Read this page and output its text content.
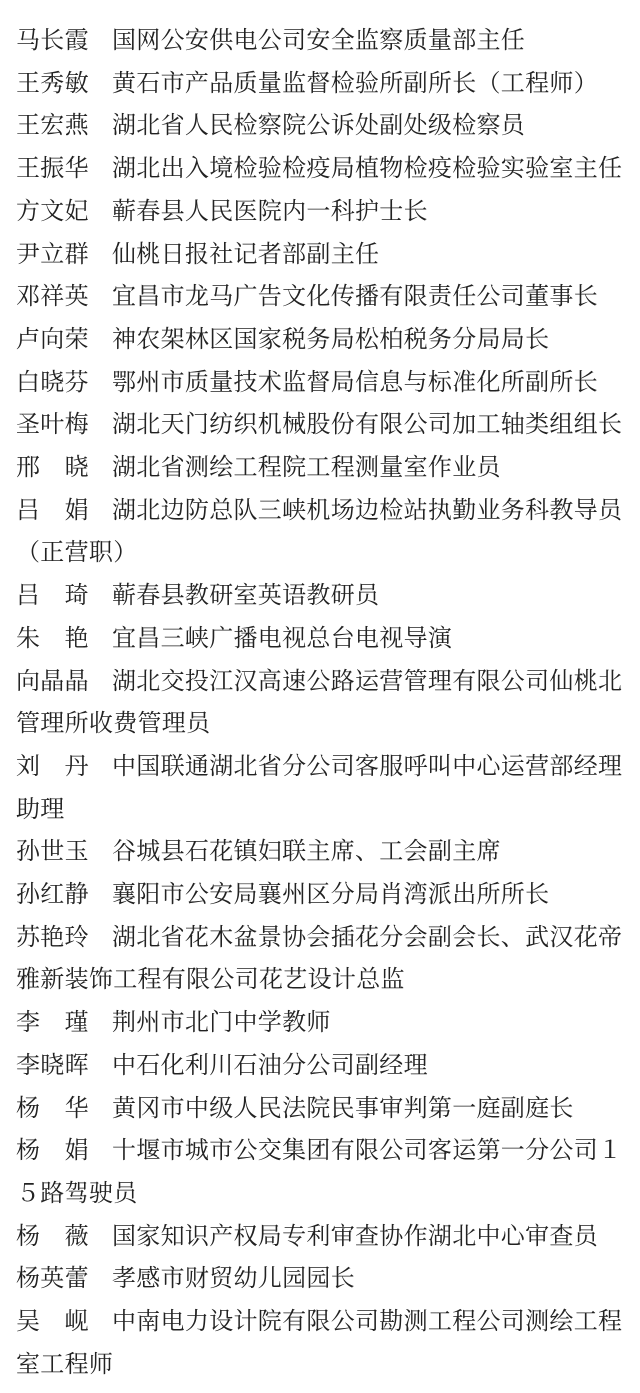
马长霞 国网公安供电公司安全监察质量部主任
王秀敏 黄石市产品质量监督检验所副所长（工程师）
王宏燕 湖北省人民检察院公诉处副处级检察员
王振华 湖北出入境检验检疫局植物检疫检验实验室主任
方文妃 蕲春县人民医院内一科护士长
尹立群 仙桃日报社记者部副主任
邓祥英 宜昌市龙马广告文化传播有限责任公司董事长
卢向荣 神农架林区国家税务局松柏税务分局局长
白晓芬 鄂州市质量技术监督局信息与标准化所副所长
圣叶梅 湖北天门纺织机械股份有限公司加工轴类组组长
邢　晓 湖北省测绘工程院工程测量室作业员
吕　娟 湖北边防总队三峡机场边检站执勤业务科教导员（正营职）
吕　琦 蕲春县教研室英语教研员
朱　艳 宜昌三峡广播电视总台电视导演
向晶晶 湖北交投江汉高速公路运营管理有限公司仙桃北管理所收费管理员
刘　丹 中国联通湖北省分公司客服呼叫中心运营部经理助理
孙世玉 谷城县石花镇妇联主席、工会副主席
孙红静 襄阳市公安局襄州区分局肖湾派出所所长
苏艳玲 湖北省花木盆景协会插花分会副会长、武汉花帝雅新装饰工程有限公司花艺设计总监
李　瑾 荆州市北门中学教师
李晓晖 中石化利川石油分公司副经理
杨　华 黄冈市中级人民法院民事审判第一庭副庭长
杨　娟 十堰市城市公交集团有限公司客运第一分公司１５路驾驶员
杨　薇 国家知识产权局专利审查协作湖北中心审查员
杨英蕾 孝感市财贸幼儿园园长
吴　岘 中南电力设计院有限公司勘测工程公司测绘工程室工程师
